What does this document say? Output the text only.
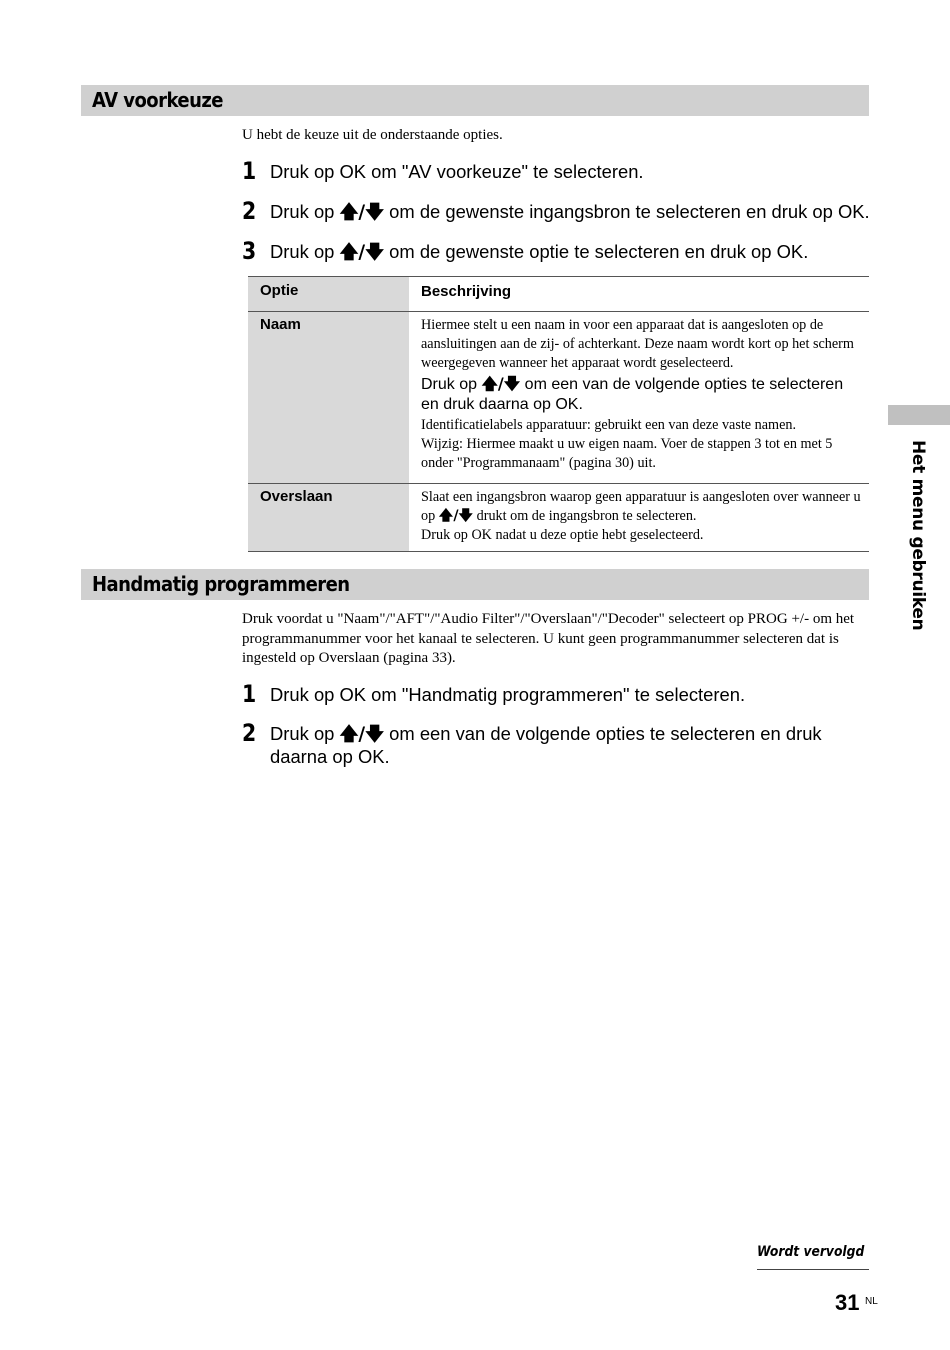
AV voorkeuze
U hebt de keuze uit de onderstaande opties.
1 Druk op OK om "AV voorkeuze" te selecteren.
2 Druk op 🡅/🡇 om de gewenste ingangsbron te selecteren en druk op OK.
3 Druk op 🡅/🡇 om de gewenste optie te selecteren en druk op OK.
Optie	Beschrijving
Naam	Hiermee stelt u een naam in voor een apparaat dat is aangesloten op de aansluitingen aan de zij- of achterkant. Deze naam wordt kort op het scherm weergegeven wanneer het apparaat wordt geselecteerd.
Druk op 🡅/🡇 om een van de volgende opties te selecteren en druk daarna op OK.
Identificatielabels apparatuur: gebruikt een van deze vaste namen.
Wijzig: Hiermee maakt u uw eigen naam. Voer de stappen 3 tot en met 5 onder "Programmanaam" (pagina 30) uit.

Overslaan	Slaat een ingangsbron waarop geen apparatuur is aangesloten over wanneer u op 🡅/🡇 drukt om de ingangsbron te selecteren.
Druk op OK nadat u deze optie hebt geselecteerd.
Handmatig programmeren
Druk voordat u "Naam"/"AFT"/"Audio Filter"/"Overslaan"/"Decoder" selecteert op PROG +/- om het programmanummer voor het kanaal te selecteren. U kunt geen programmanummer selecteren dat is ingesteld op Overslaan (pagina 33).
1 Druk op OK om "Handmatig programmeren" te selecteren.
2 Druk op 🡅/🡇 om een van de volgende opties te selecteren en druk daarna op OK.
Het menu gebruiken
Wordt vervolgd
31 NL
